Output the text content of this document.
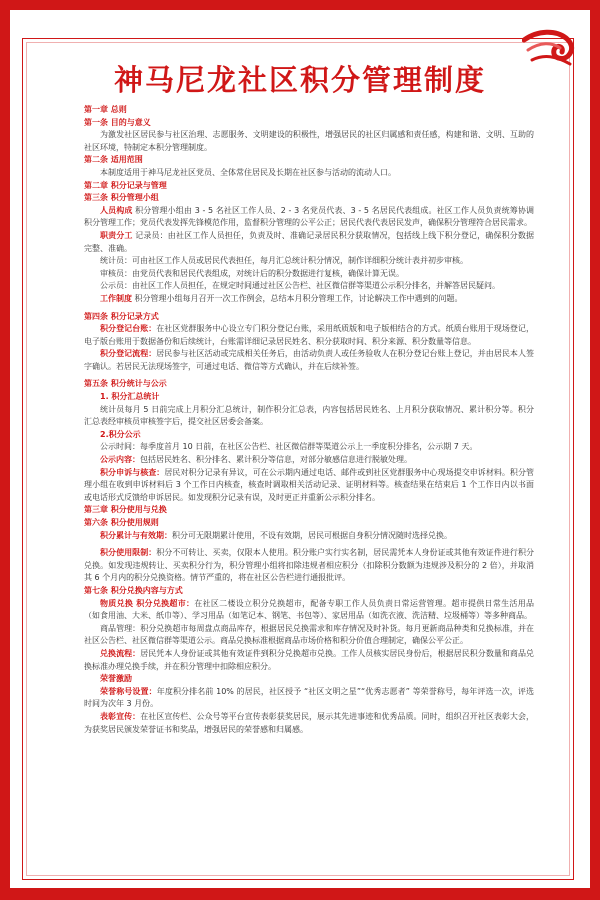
神马尼龙社区积分管理制度

第一章 总则

第一条 目的与意义

为激发社区居民参与社区治理、志愿服务、文明建设的积极性，增强居民的社区归属感和责任感，构建和谐、文明、互助的社区环境，特制定本积分管理制度。

第二条 适用范围

本制度适用于神马尼龙社区党员、全体常住居民及长期在社区参与活动的流动人口。

第二章 积分记录与管理

第三条 积分管理小组

人员构成 积分管理小组由 3 - 5 名社区工作人员、2 - 3 名党员代表、3 - 5 名居民代表组成。社区工作人员负责统筹协调积分管理工作；党员代表发挥先锋模范作用，监督积分管理的公平公正；居民代表代表居民发声，确保积分管理符合居民需求。

职责分工 记录员：由社区工作人员担任，负责及时、准确记录居民积分获取情况，包括线上线下积分登记，确保积分数据完整、准确。

统计员：可由社区工作人员或居民代表担任，每月汇总统计积分情况，制作详细积分统计表并初步审核。

审核员：由党员代表和居民代表组成，对统计后的积分数据进行复核，确保计算无误。

公示员：由社区工作人员担任，在规定时间通过社区公告栏、社区微信群等渠道公示积分排名，并解答居民疑问。

工作制度 积分管理小组每月召开一次工作例会，总结本月积分管理工作，讨论解决工作中遇到的问题。

第四条 积分记录方式

积分登记台账：在社区党群服务中心设立专门积分登记台账，采用纸质版和电子版相结合的方式。纸质台账用于现场登记，电子版台账用于数据备份和后续统计，台账需详细记录居民姓名、积分获取时间、积分来源、积分数量等信息。

积分登记流程：居民参与社区活动或完成相关任务后，由活动负责人或任务验收人在积分登记台账上登记，并由居民本人签字确认。若居民无法现场签字，可通过电话、微信等方式确认，并在后续补签。

第五条 积分统计与公示

1. 积分汇总统计

统计员每月 5 日前完成上月积分汇总统计，制作积分汇总表，内容包括居民姓名、上月积分获取情况、累计积分等。积分汇总表经审核员审核签字后，提交社区居委会备案。

2.积分公示

公示时间：每季度首月 10 日前，在社区公告栏、社区微信群等渠道公示上一季度积分排名，公示期 7 天。

公示内容：包括居民姓名、积分排名、累计积分等信息，对部分敏感信息进行脱敏处理。

积分申诉与核查：居民对积分记录有异议，可在公示期内通过电话、邮件或到社区党群服务中心现场提交申诉材料。积分管理小组在收到申诉材料后 3 个工作日内核查，核查时调取相关活动记录、证明材料等。核查结果在结束后 1 个工作日内以书面或电话形式反馈给申诉居民。如发现积分记录有误，及时更正并重新公示积分排名。

第三章 积分使用与兑换

第六条 积分使用规则

积分累计与有效期：积分可无限期累计使用，不设有效期，居民可根据自身积分情况随时选择兑换。

积分使用限制：积分不可转让、买卖，仅限本人使用。积分账户实行实名制，居民需凭本人身份证或其他有效证件进行积分兑换。如发现违规转让、买卖积分行为，积分管理小组将扣除违规者相应积分（扣除积分数额为违规涉及积分的 2 倍），并取消其 6 个月内的积分兑换资格。情节严重的，将在社区公告栏进行通报批评。

第七条 积分兑换内容与方式

物质兑换 积分兑换超市：在社区二楼设立积分兑换超市，配备专职工作人员负责日常运营管理。超市提供日常生活用品（如食用油、大米、纸巾等）、学习用品（如笔记本、钢笔、书包等）、家居用品（如洗衣液、洗洁精、垃圾桶等）等多种商品。

商品管理：积分兑换超市每周盘点商品库存，根据居民兑换需求和库存情况及时补货。每月更新商品种类和兑换标准，并在社区公告栏、社区微信群等渠道公示。商品兑换标准根据商品市场价格和积分价值合理制定，确保公平公正。

兑换流程：居民凭本人身份证或其他有效证件到积分兑换超市兑换。工作人员核实居民身份后，根据居民积分数量和商品兑换标准办理兑换手续，并在积分管理中扣除相应积分。

荣誉激励

荣誉称号设置：年度积分排名前 10% 的居民，社区授予 “社区文明之星”“优秀志愿者” 等荣誉称号，每年评选一次，评选时间为次年 3 月份。

表彰宣传：在社区宣传栏、公众号等平台宣传表彰获奖居民，展示其先进事迹和优秀品质。同时，组织召开社区表彰大会，为获奖居民颁发荣誉证书和奖品，增强居民的荣誉感和归属感。
